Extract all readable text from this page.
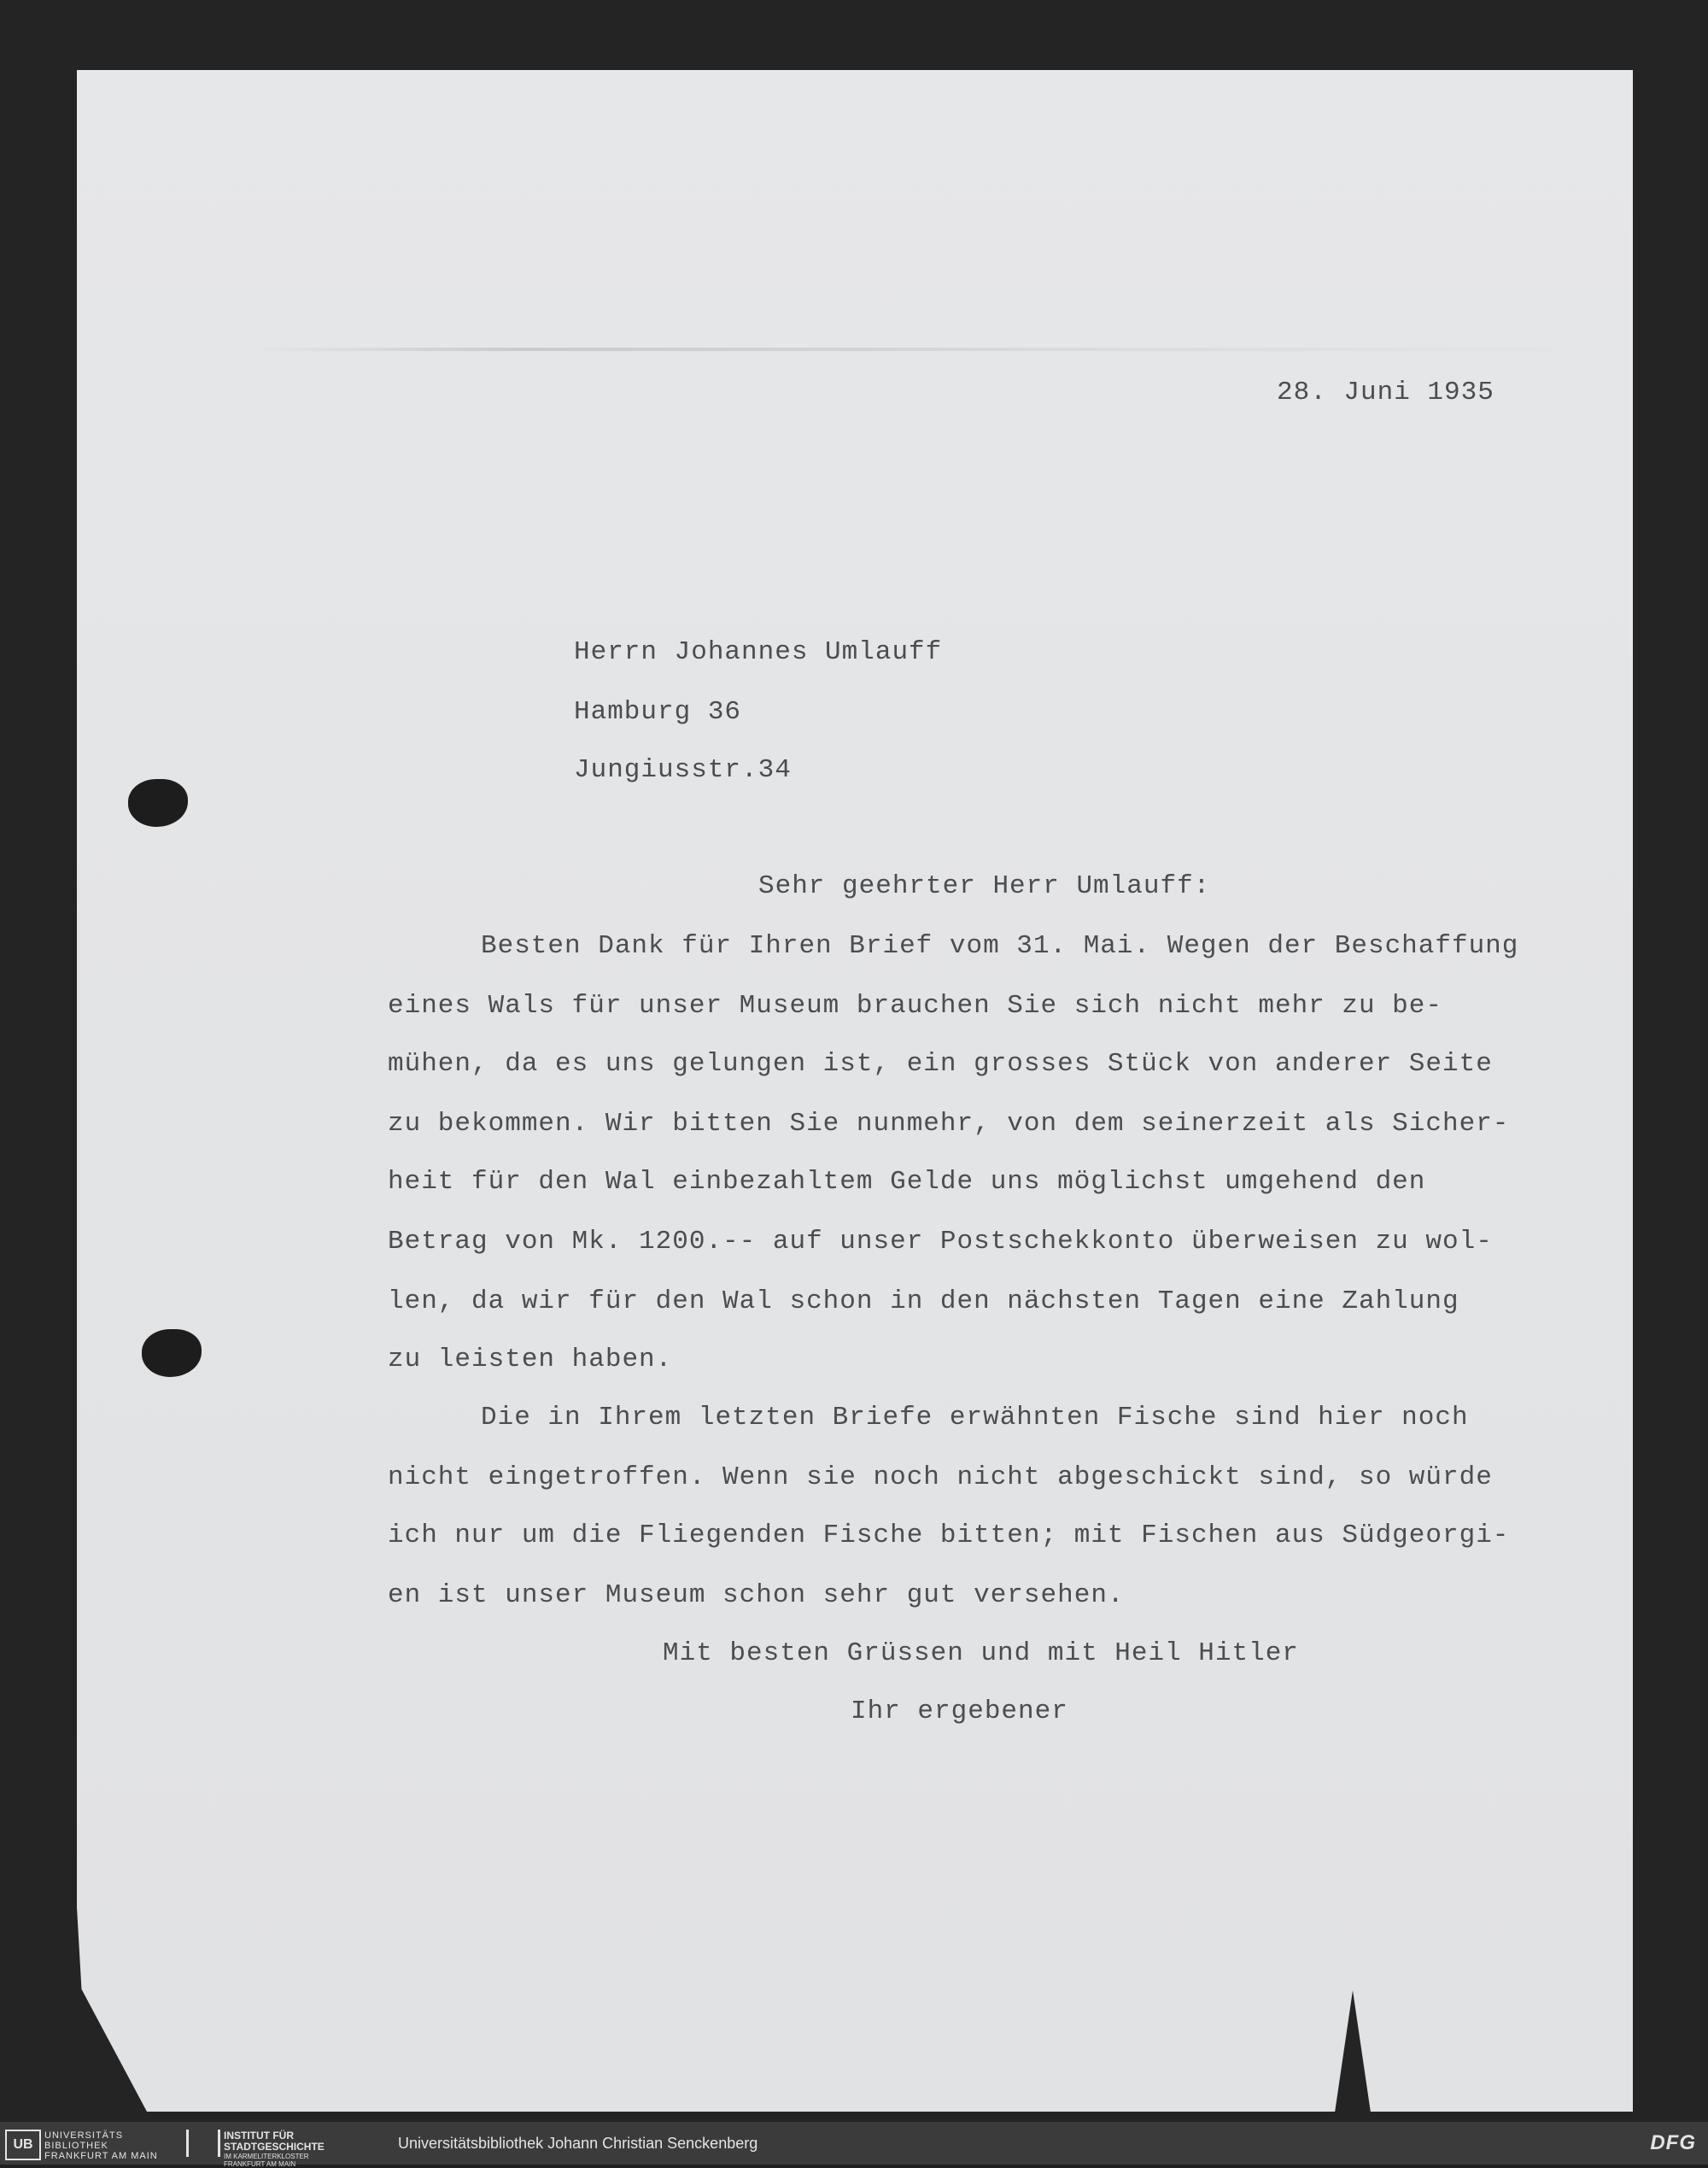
28. Juni 1935
Herrn Johannes Umlauff
Hamburg 36
Jungiusstr.34
Sehr geehrter Herr Umlauff:
Besten Dank für Ihren Brief vom 31. Mai. Wegen der Beschaffung
eines Wals für unser Museum brauchen Sie sich nicht mehr zu be-
mühen, da es uns gelungen ist, ein grosses Stück von anderer Seite
zu bekommen. Wir bitten Sie nunmehr, von dem seinerzeit als Sicher-
heit für den Wal einbezahltem Gelde uns möglichst umgehend den
Betrag von Mk. 1200.-- auf unser Postschekkonto überweisen zu wol-
len, da wir für den Wal schon in den nächsten Tagen eine Zahlung
zu leisten haben.
Die in Ihrem letzten Briefe erwähnten Fische sind hier noch
nicht eingetroffen. Wenn sie noch nicht abgeschickt sind, so würde
ich nur um die Fliegenden Fische bitten; mit Fischen aus Südgeorgi-
en ist unser Museum schon sehr gut versehen.
Mit besten Grüssen und mit Heil Hitler
Ihr ergebener
UB
UNIVERSITÄTS
BIBLIOTHEK
FRANKFURT AM MAIN
INSTITUT FÜR
STADTGESCHICHTE
IM KARMELITERKLOSTER
FRANKFURT AM MAIN
Universitätsbibliothek Johann Christian Senckenberg	DFG
